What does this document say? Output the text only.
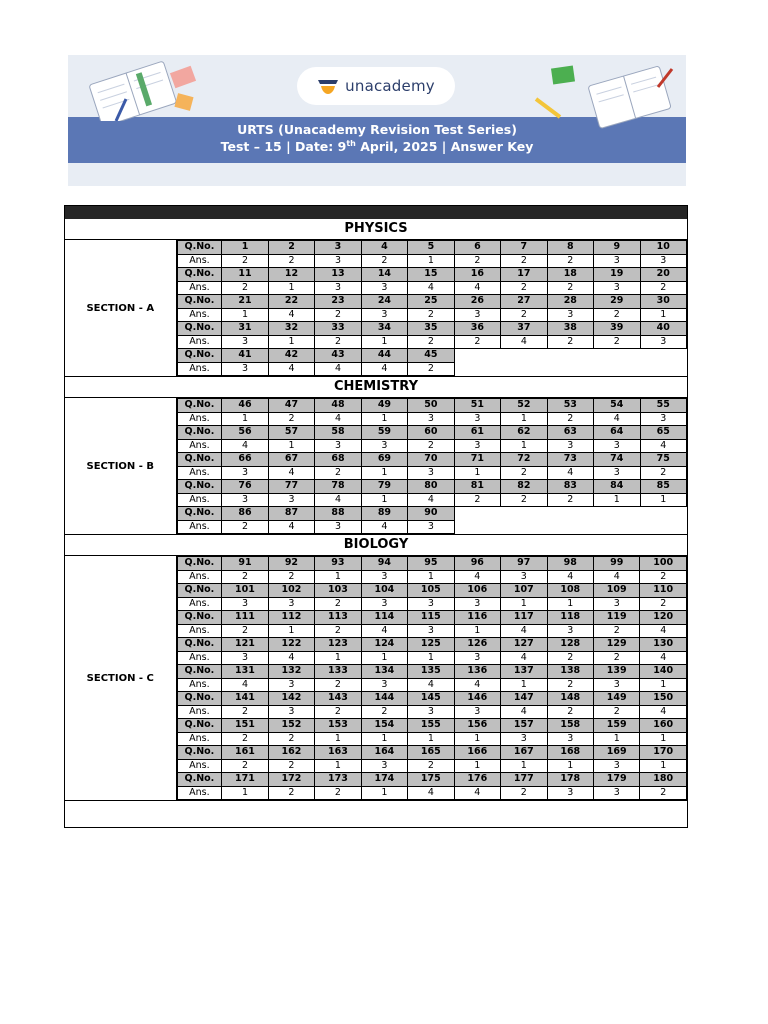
unacademy
URTS (Unacademy Revision Test Series)
Test – 15 | Date: 9th April, 2025 | Answer Key
PHYSICS
SECTION - A
Q.No.	1	2	3	4	5	6	7	8	9	10
Ans.	2	2	3	2	1	2	2	2	3	3
Q.No.	11	12	13	14	15	16	17	18	19	20
Ans.	2	1	3	3	4	4	2	2	3	2
Q.No.	21	22	23	24	25	26	27	28	29	30
Ans.	1	4	2	3	2	3	2	3	2	1
Q.No.	31	32	33	34	35	36	37	38	39	40
Ans.	3	1	2	1	2	2	4	2	2	3
Q.No.	41	42	43	44	45					
Ans.	3	4	4	4	2					
CHEMISTRY
SECTION - B
Q.No.	46	47	48	49	50	51	52	53	54	55
Ans.	1	2	4	1	3	3	1	2	4	3
Q.No.	56	57	58	59	60	61	62	63	64	65
Ans.	4	1	3	3	2	3	1	3	3	4
Q.No.	66	67	68	69	70	71	72	73	74	75
Ans.	3	4	2	1	3	1	2	4	3	2
Q.No.	76	77	78	79	80	81	82	83	84	85
Ans.	3	3	4	1	4	2	2	2	1	1
Q.No.	86	87	88	89	90					
Ans.	2	4	3	4	3					
BIOLOGY
SECTION - C
Q.No.	91	92	93	94	95	96	97	98	99	100
Ans.	2	2	1	3	1	4	3	4	4	2
Q.No.	101	102	103	104	105	106	107	108	109	110
Ans.	3	3	2	3	3	3	1	1	3	2
Q.No.	111	112	113	114	115	116	117	118	119	120
Ans.	2	1	2	4	3	1	4	3	2	4
Q.No.	121	122	123	124	125	126	127	128	129	130
Ans.	3	4	1	1	1	3	4	2	2	4
Q.No.	131	132	133	134	135	136	137	138	139	140
Ans.	4	3	2	3	4	4	1	2	3	1
Q.No.	141	142	143	144	145	146	147	148	149	150
Ans.	2	3	2	2	3	3	4	2	2	4
Q.No.	151	152	153	154	155	156	157	158	159	160
Ans.	2	2	1	1	1	1	3	3	1	1
Q.No.	161	162	163	164	165	166	167	168	169	170
Ans.	2	2	1	3	2	1	1	1	3	1
Q.No.	171	172	173	174	175	176	177	178	179	180
Ans.	1	2	2	1	4	4	2	3	3	2
